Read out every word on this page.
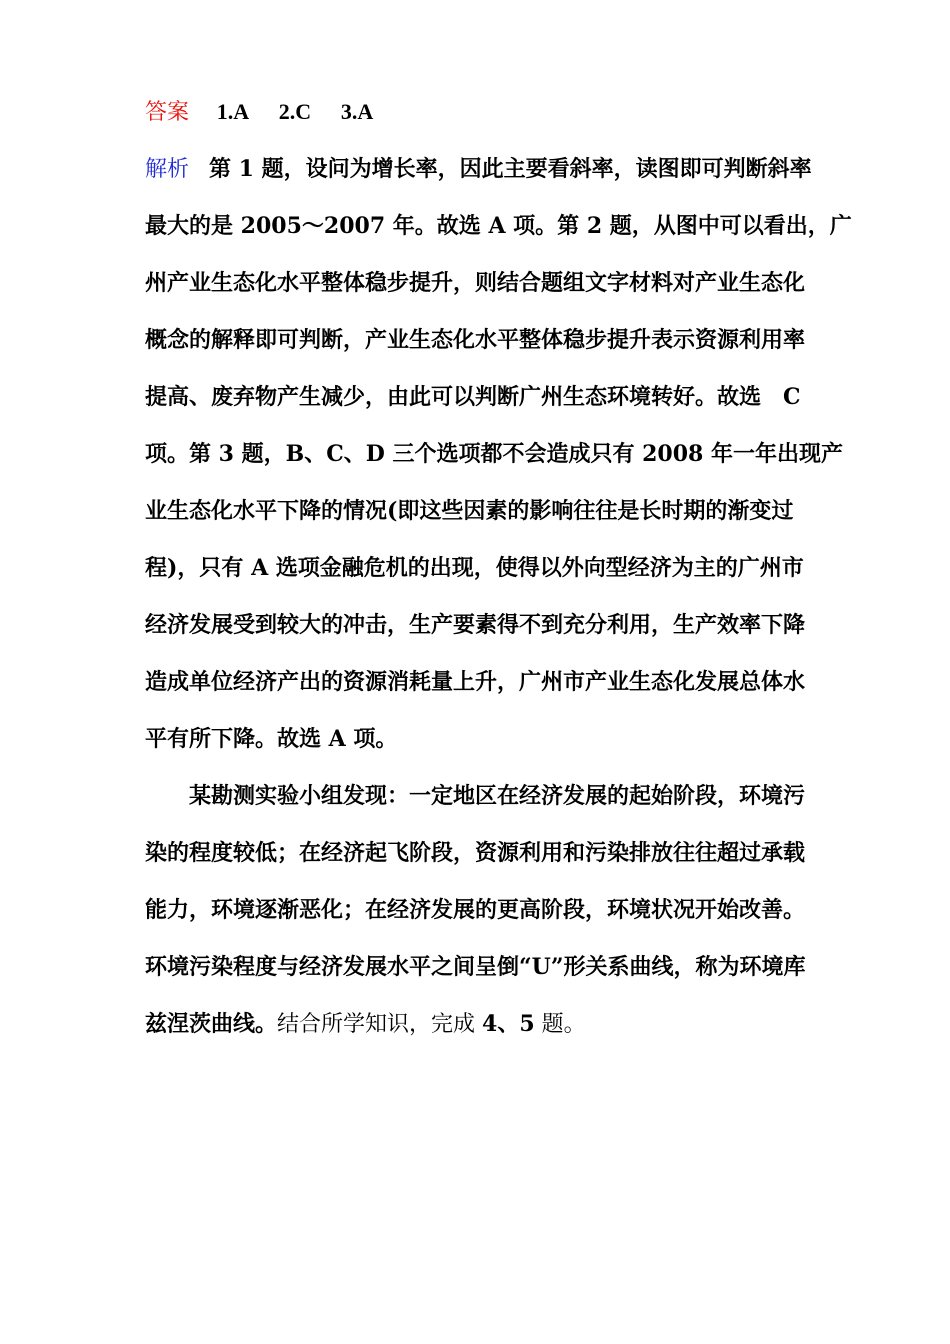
答案 1.A 2.C 3.A
解析 第 1 题，设问为增长率，因此主要看斜率，读图即可判断斜率
最大的是 2005～2007 年。故选 A 项。第 2 题，从图中可以看出，广
州产业生态化水平整体稳步提升，则结合题组文字材料对产业生态化
概念的解释即可判断，产业生态化水平整体稳步提升表示资源利用率
提高、废弃物产生减少，由此可以判断广州生态环境转好。故选　C
项。第 3 题，B、C、D 三个选项都不会造成只有 2008 年一年出现产
业生态化水平下降的情况(即这些因素的影响往往是长时期的渐变过
程)，只有 A 选项金融危机的出现，使得以外向型经济为主的广州市
经济发展受到较大的冲击，生产要素得不到充分利用，生产效率下降
造成单位经济产出的资源消耗量上升，广州市产业生态化发展总体水
平有所下降。故选 A 项。
某勘测实验小组发现：一定地区在经济发展的起始阶段，环境污
染的程度较低；在经济起飞阶段，资源利用和污染排放往往超过承载
能力，环境逐渐恶化；在经济发展的更高阶段，环境状况开始改善。
环境污染程度与经济发展水平之间呈倒“U”形关系曲线，称为环境库
兹涅茨曲线。结合所学知识，完成 4、5 题。
